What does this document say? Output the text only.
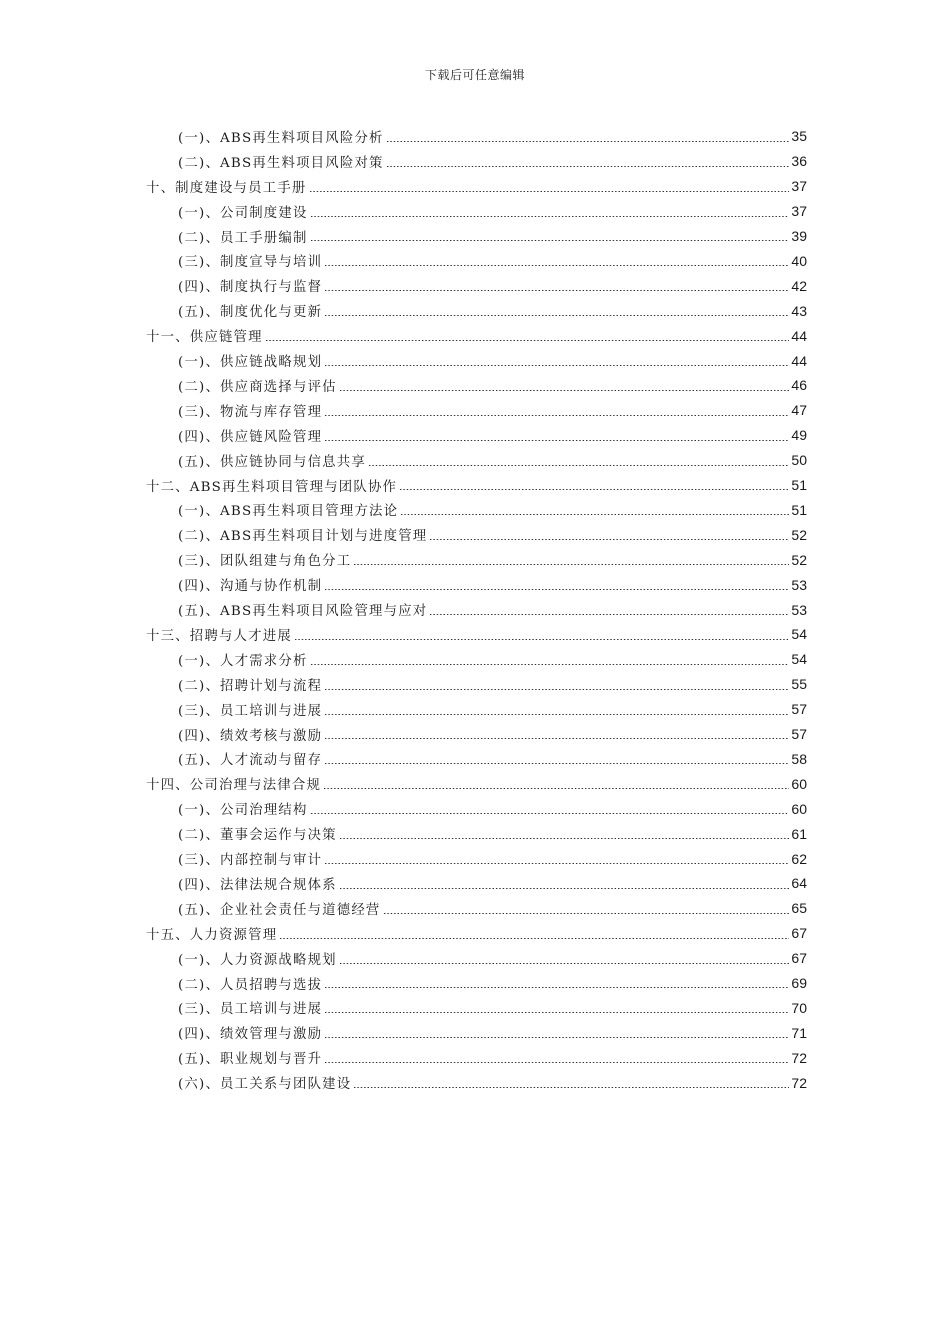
下载后可任意编辑
(一)、ABS再生料项目风险分析	35
(二)、ABS再生料项目风险对策	36
十、制度建设与员工手册	37
(一)、公司制度建设	37
(二)、员工手册编制	39
(三)、制度宣导与培训	40
(四)、制度执行与监督	42
(五)、制度优化与更新	43
十一、供应链管理	44
(一)、供应链战略规划	44
(二)、供应商选择与评估	46
(三)、物流与库存管理	47
(四)、供应链风险管理	49
(五)、供应链协同与信息共享	50
十二、ABS再生料项目管理与团队协作	51
(一)、ABS再生料项目管理方法论	51
(二)、ABS再生料项目计划与进度管理	52
(三)、团队组建与角色分工	52
(四)、沟通与协作机制	53
(五)、ABS再生料项目风险管理与应对	53
十三、招聘与人才进展	54
(一)、人才需求分析	54
(二)、招聘计划与流程	55
(三)、员工培训与进展	57
(四)、绩效考核与激励	57
(五)、人才流动与留存	58
十四、公司治理与法律合规	60
(一)、公司治理结构	60
(二)、董事会运作与决策	61
(三)、内部控制与审计	62
(四)、法律法规合规体系	64
(五)、企业社会责任与道德经营	65
十五、人力资源管理	67
(一)、人力资源战略规划	67
(二)、人员招聘与选拔	69
(三)、员工培训与进展	70
(四)、绩效管理与激励	71
(五)、职业规划与晋升	72
(六)、员工关系与团队建设	72
